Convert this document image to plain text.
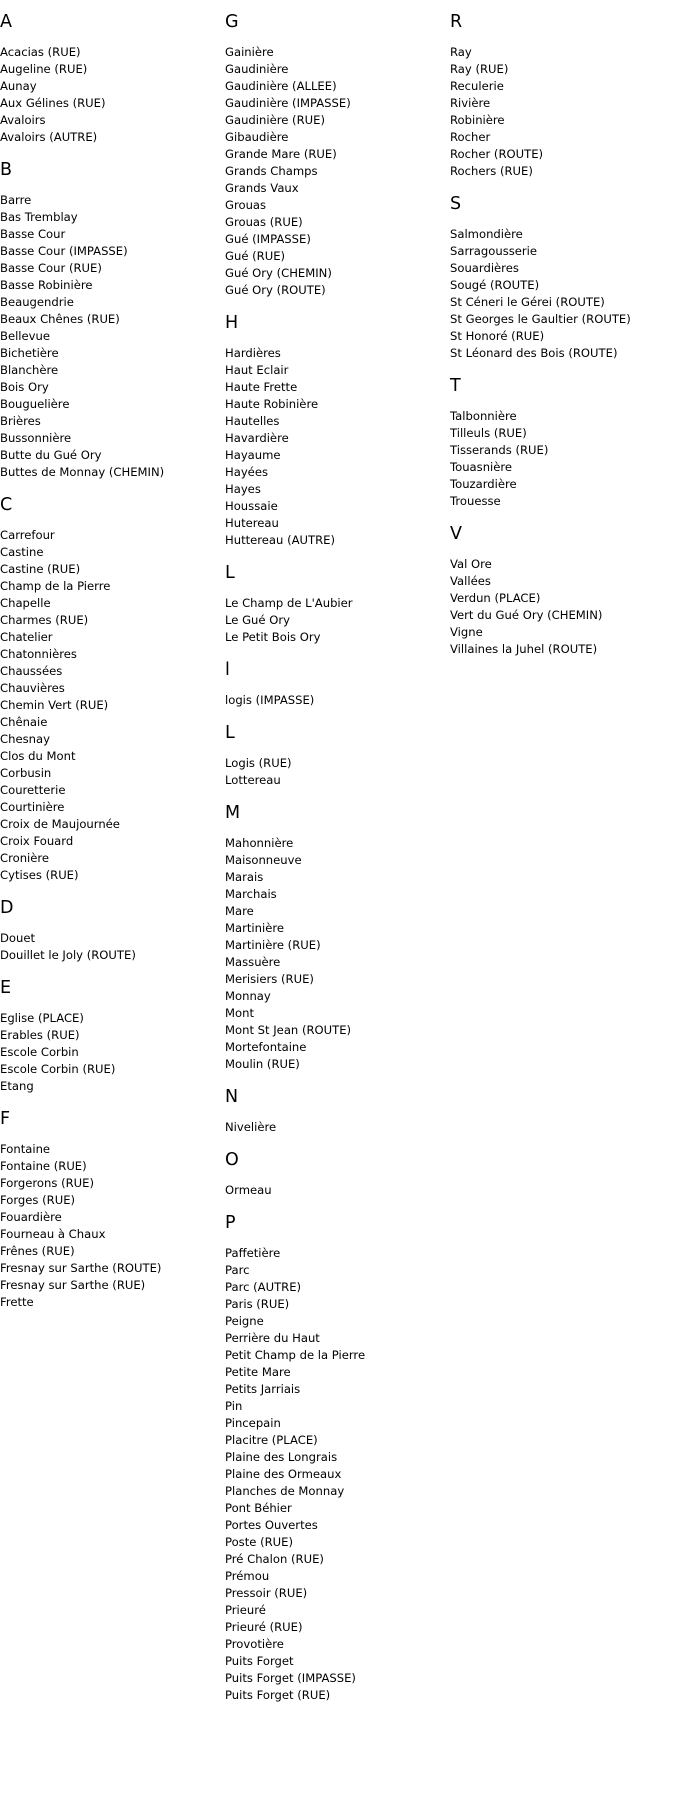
A
Acacias (RUE)
Augeline (RUE)
Aunay
Aux Gélines (RUE)
Avaloirs
Avaloirs (AUTRE)
B
Barre
Bas Tremblay
Basse Cour
Basse Cour (IMPASSE)
Basse Cour (RUE)
Basse Robinière
Beaugendrie
Beaux Chênes (RUE)
Bellevue
Bichetière
Blanchère
Bois Ory
Bouguelière
Brières
Bussonnière
Butte du Gué Ory
Buttes de Monnay (CHEMIN)
C
Carrefour
Castine
Castine (RUE)
Champ de la Pierre
Chapelle
Charmes (RUE)
Chatelier
Chatonnières
Chaussées
Chauvières
Chemin Vert (RUE)
Chênaie
Chesnay
Clos du Mont
Corbusin
Couretterie
Courtinière
Croix de Maujournée
Croix Fouard
Cronière
Cytises (RUE)
D
Douet
Douillet le Joly (ROUTE)
E
Eglise (PLACE)
Erables (RUE)
Escole Corbin
Escole Corbin (RUE)
Etang
F
Fontaine
Fontaine (RUE)
Forgerons (RUE)
Forges (RUE)
Fouardière
Fourneau à Chaux
Frênes (RUE)
Fresnay sur Sarthe (ROUTE)
Fresnay sur Sarthe (RUE)
Frette
G
Gainière
Gaudinière
Gaudinière (ALLEE)
Gaudinière (IMPASSE)
Gaudinière (RUE)
Gibaudière
Grande Mare (RUE)
Grands Champs
Grands Vaux
Grouas
Grouas (RUE)
Gué (IMPASSE)
Gué (RUE)
Gué Ory (CHEMIN)
Gué Ory (ROUTE)
H
Hardières
Haut Eclair
Haute Frette
Haute Robinière
Hautelles
Havardière
Hayaume
Hayées
Hayes
Houssaie
Hutereau
Huttereau (AUTRE)
L
Le Champ de L'Aubier
Le Gué Ory
Le Petit Bois Ory
l
logis (IMPASSE)
L
Logis (RUE)
Lottereau
M
Mahonnière
Maisonneuve
Marais
Marchais
Mare
Martinière
Martinière (RUE)
Massuère
Merisiers (RUE)
Monnay
Mont
Mont St Jean (ROUTE)
Mortefontaine
Moulin (RUE)
N
Nivelière
O
Ormeau
P
Paffetière
Parc
Parc (AUTRE)
Paris (RUE)
Peigne
Perrière du Haut
Petit Champ de la Pierre
Petite Mare
Petits Jarriais
Pin
Pincepain
Placitre (PLACE)
Plaine des Longrais
Plaine des Ormeaux
Planches de Monnay
Pont Béhier
Portes Ouvertes
Poste (RUE)
Pré Chalon (RUE)
Prémou
Pressoir (RUE)
Prieuré
Prieuré (RUE)
Provotière
Puits Forget
Puits Forget (IMPASSE)
Puits Forget (RUE)
R
Ray
Ray (RUE)
Reculerie
Rivière
Robinière
Rocher
Rocher (ROUTE)
Rochers (RUE)
S
Salmondière
Sarragousserie
Souardières
Sougé (ROUTE)
St Céneri le Gérei (ROUTE)
St Georges le Gaultier (ROUTE)
St Honoré (RUE)
St Léonard des Bois (ROUTE)
T
Talbonnière
Tilleuls (RUE)
Tisserands (RUE)
Touasnière
Touzardière
Trouesse
V
Val Ore
Vallées
Verdun (PLACE)
Vert du Gué Ory (CHEMIN)
Vigne
Villaines la Juhel (ROUTE)
